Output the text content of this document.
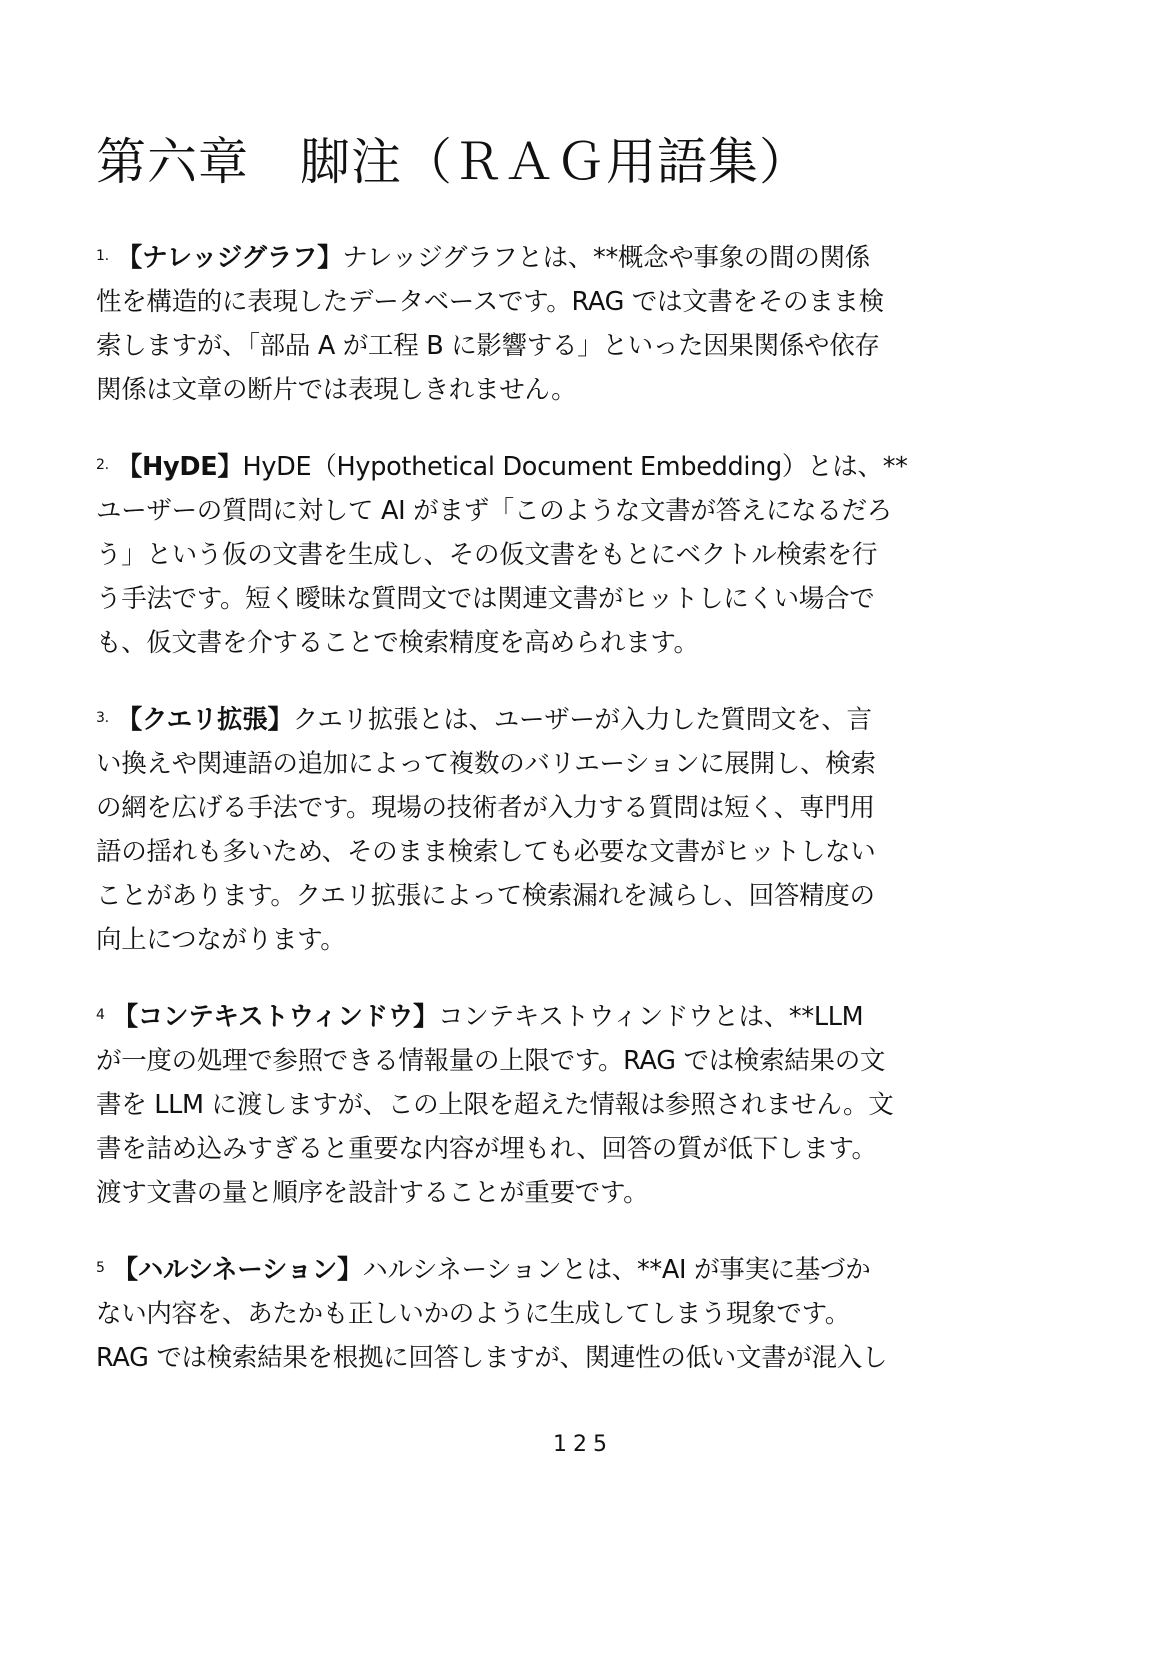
第六章　脚注（ＲＡＧ用語集）
$^{1.}$ 【ナレッジグラフ】ナレッジグラフとは、**概念や事象の間の関係
性を構造的に表現したデータベースです。RAG では文書をそのまま検
索しますが、「部品 A が工程 B に影響する」といった因果関係や依存
関係は文章の断片では表現しきれません。
$^{2.}$ 【HyDE】HyDE（Hypothetical Document Embedding）とは、**
ユーザーの質問に対して AI がまず「このような文書が答えになるだろ
う」という仮の文書を生成し、その仮文書をもとにベクトル検索を行
う手法です。短く曖昧な質問文では関連文書がヒットしにくい場合で
も、仮文書を介することで検索精度を高められます。
$^{3.}$ 【クエリ拡張】クエリ拡張とは、ユーザーが入力した質問文を、言
い換えや関連語の追加によって複数のバリエーションに展開し、検索
の網を広げる手法です。現場の技術者が入力する質問は短く、専門用
語の揺れも多いため、そのまま検索しても必要な文書がヒットしない
ことがあります。クエリ拡張によって検索漏れを減らし、回答精度の
向上につながります。
$^4$ 【コンテキストウィンドウ】コンテキストウィンドウとは、**LLM
が一度の処理で参照できる情報量の上限です。RAG では検索結果の文
書を LLM に渡しますが、この上限を超えた情報は参照されません。文
書を詰め込みすぎると重要な内容が埋もれ、回答の質が低下します。
渡す文書の量と順序を設計することが重要です。
$^5$ 【ハルシネーション】ハルシネーションとは、**AI が事実に基づか
ない内容を、あたかも正しいかのように生成してしまう現象です。
RAG では検索結果を根拠に回答しますが、関連性の低い文書が混入し
125
